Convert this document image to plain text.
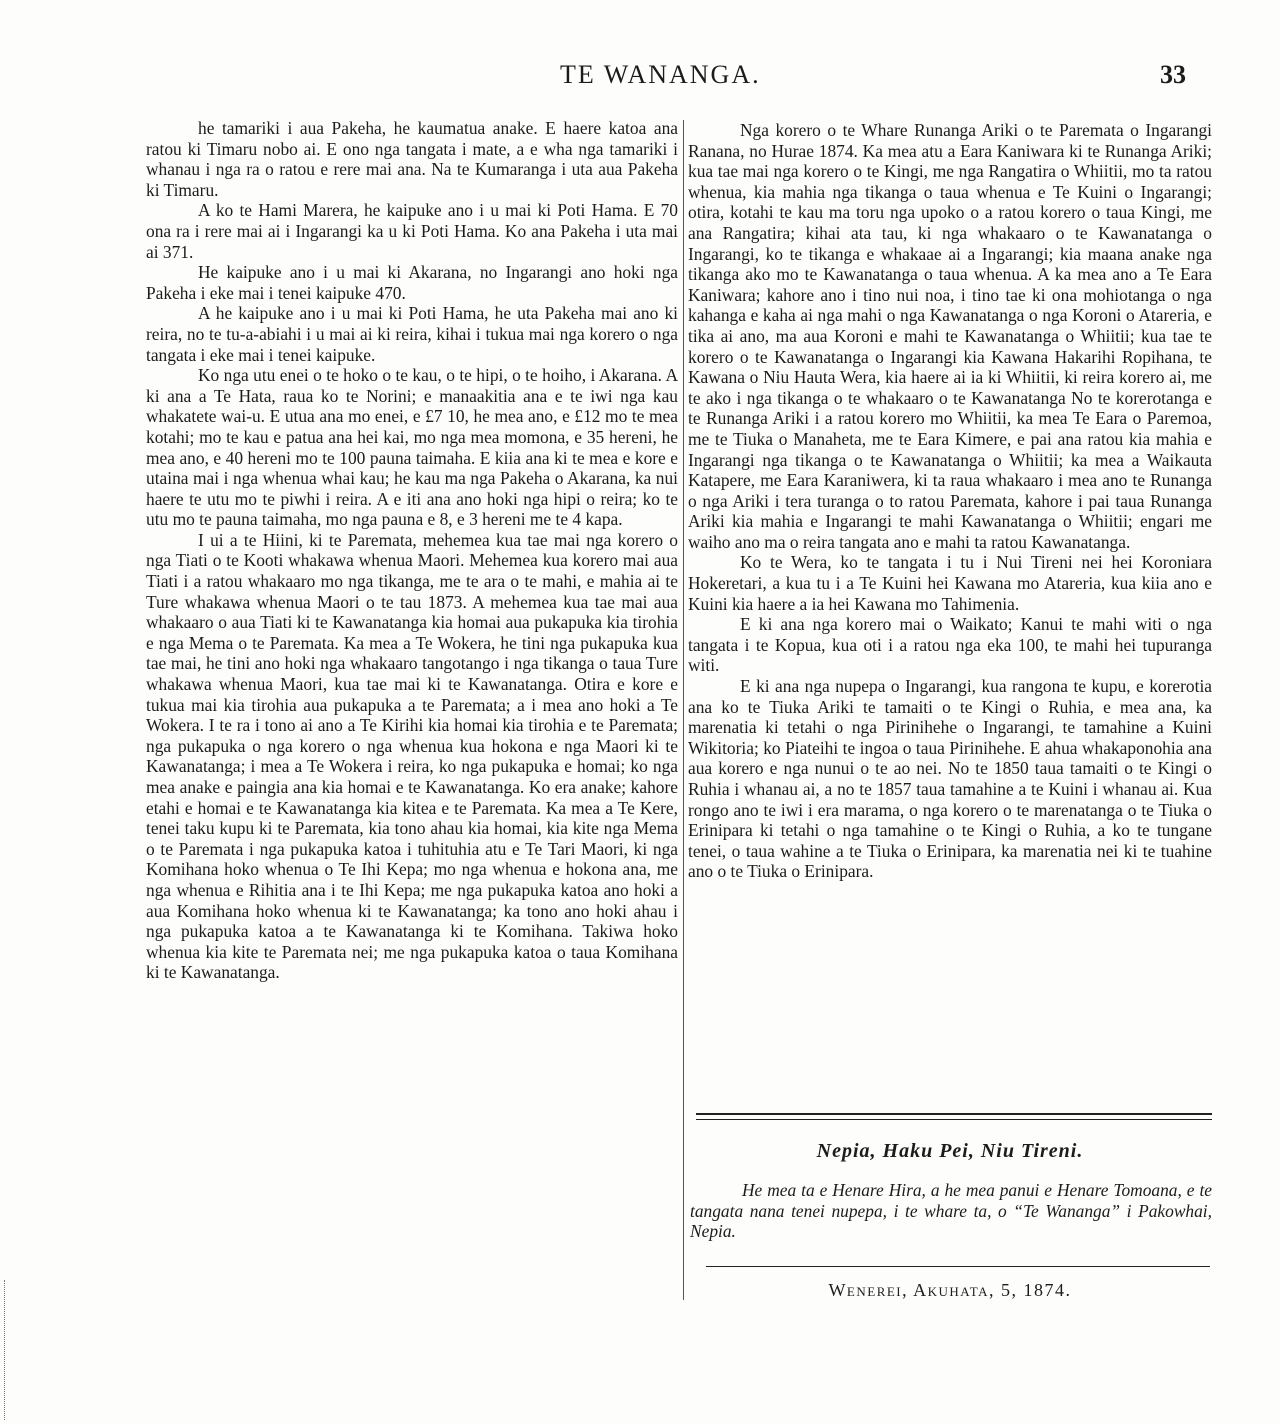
TE WANANGA.	33

he tamariki i aua Pakeha, he kaumatua anake. E haere katoa ana ratou ki Timaru nobo ai. E ono nga tangata i mate, a e wha nga tamariki i whanau i nga ra o ratou e rere mai ana. Na te Kumaranga i uta aua Pakeha ki Timaru.

A ko te Hami Marera, he kaipuke ano i u mai ki Poti Hama. E 70 ona ra i rere mai ai i Ingarangi ka u ki Poti Hama. Ko ana Pakeha i uta mai ai 371.

He kaipuke ano i u mai ki Akarana, no Ingarangi ano hoki nga Pakeha i eke mai i tenei kaipuke 470.

A he kaipuke ano i u mai ki Poti Hama, he uta Pakeha mai ano ki reira, no te tu-a-abiahi i u mai ai ki reira, kihai i tukua mai nga korero o nga tangata i eke mai i tenei kaipuke.

Ko nga utu enei o te hoko o te kau, o te hipi, o te hoiho, i Akarana. A ki ana a Te Hata, raua ko te Norini; e manaakitia ana e te iwi nga kau whakatete wai-u. E utua ana mo enei, e £7 10, he mea ano, e £12 mo te mea kotahi; mo te kau e patua ana hei kai, mo nga mea momona, e 35 hereni, he mea ano, e 40 hereni mo te 100 pauna taimaha. E kiia ana ki te mea e kore e utaina mai i nga whenua whai kau; he kau ma nga Pakeha o Akarana, ka nui haere te utu mo te piwhi i reira. A e iti ana ano hoki nga hipi o reira; ko te utu mo te pauna taimaha, mo nga pauna e 8, e 3 hereni me te 4 kapa.

I ui a te Hiini, ki te Paremata, mehemea kua tae mai nga korero o nga Tiati o te Kooti whakawa whenua Maori. Mehemea kua korero mai aua Tiati i a ratou whakaaro mo nga tikanga, me te ara o te mahi, e mahia ai te Ture whakawa whenua Maori o te tau 1873. A mehemea kua tae mai aua whakaaro o aua Tiati ki te Kawanatanga kia homai aua pukapuka kia tirohia e nga Mema o te Paremata. Ka mea a Te Wokera, he tini nga pukapuka kua tae mai, he tini ano hoki nga whakaaro tangotango i nga tikanga o taua Ture whakawa whenua Maori, kua tae mai ki te Kawanatanga. Otira e kore e tukua mai kia tirohia aua pukapuka a te Paremata; a i mea ano hoki a Te Wokera. I te ra i tono ai ano a Te Kirihi kia homai kia tirohia e te Paremata; nga pukapuka o nga korero o nga whenua kua hokona e nga Maori ki te Kawanatanga; i mea a Te Wokera i reira, ko nga pukapuka e homai; ko nga mea anake e paingia ana kia homai e te Kawanatanga. Ko era anake; kahore etahi e homai e te Kawanatanga kia kitea e te Paremata. Ka mea a Te Kere, tenei taku kupu ki te Paremata, kia tono ahau kia homai, kia kite nga Mema o te Paremata i nga pukapuka katoa i tuhituhia atu e Te Tari Maori, ki nga Komihana hoko whenua o Te Ihi Kepa; mo nga whenua e hokona ana, me nga whenua e Rihitia ana i te Ihi Kepa; me nga pukapuka katoa ano hoki a aua Komihana hoko whenua ki te Kawanatanga; ka tono ano hoki ahau i nga pukapuka katoa a te Kawanatanga ki te Komihana. Takiwa hoko whenua kia kite te Paremata nei; me nga pukapuka katoa o taua Komihana ki te Kawanatanga.

Nga korero o te Whare Runanga Ariki o te Paremata o Ingarangi Ranana, no Hurae 1874. Ka mea atu a Eara Kaniwara ki te Runanga Ariki; kua tae mai nga korero o te Kingi, me nga Rangatira o Whiitii, mo ta ratou whenua, kia mahia nga tikanga o taua whenua e Te Kuini o Ingarangi; otira, kotahi te kau ma toru nga upoko o a ratou korero o taua Kingi, me ana Rangatira; kihai ata tau, ki nga whakaaro o te Kawanatanga o Ingarangi, ko te tikanga e whakaae ai a Ingarangi; kia maana anake nga tikanga ako mo te Kawanatanga o taua whenua. A ka mea ano a Te Eara Kaniwara; kahore ano i tino nui noa, i tino tae ki ona mohiotanga o nga kahanga e kaha ai nga mahi o nga Kawanatanga o nga Koroni o Atareria, e tika ai ano, ma aua Koroni e mahi te Kawanatanga o Whiitii; kua tae te korero o te Kawanatanga o Ingarangi kia Kawana Hakarihi Ropihana, te Kawana o Niu Hauta Wera, kia haere ai ia ki Whiitii, ki reira korero ai, me te ako i nga tikanga o te whakaaro o te Kawanatanga No te korerotanga e te Runanga Ariki i a ratou korero mo Whiitii, ka mea Te Eara o Paremoa, me te Tiuka o Manaheta, me te Eara Kimere, e pai ana ratou kia mahia e Ingarangi nga tikanga o te Kawanatanga o Whiitii; ka mea a Waikauta Katapere, me Eara Karaniwera, ki ta raua whakaaro i mea ano te Runanga o nga Ariki i tera turanga o to ratou Paremata, kahore i pai taua Runanga Ariki kia mahia e Ingarangi te mahi Kawanatanga o Whiitii; engari me waiho ano ma o reira tangata ano e mahi ta ratou Kawanatanga.

Ko te Wera, ko te tangata i tu i Nui Tireni nei hei Koroniara Hokeretari, a kua tu i a Te Kuini hei Kawana mo Atareria, kua kiia ano e Kuini kia haere a ia hei Kawana mo Tahimenia.

E ki ana nga korero mai o Waikato; Kanui te mahi witi o nga tangata i te Kopua, kua oti i a ratou nga eka 100, te mahi hei tupuranga witi.

E ki ana nga nupepa o Ingarangi, kua rangona te kupu, e korerotia ana ko te Tiuka Ariki te tamaiti o te Kingi o Ruhia, e mea ana, ka marenatia ki tetahi o nga Pirinihehe o Ingarangi, te tamahine a Kuini Wikitoria; ko Piateihi te ingoa o taua Pirinihehe. E ahua whakaponohia ana aua korero e nga nunui o te ao nei. No te 1850 taua tamaiti o te Kingi o Ruhia i whanau ai, a no te 1857 taua tamahine a te Kuini i whanau ai. Kua rongo ano te iwi i era marama, o nga korero o te marenatanga o te Tiuka o Erinipara ki tetahi o nga tamahine o te Kingi o Ruhia, a ko te tungane tenei, o taua wahine a te Tiuka o Erinipara, ka marenatia nei ki te tuahine ano o te Tiuka o Erinipara.

Nepia, Haku Pei, Niu Tireni.

He mea ta e Henare Hira, a he mea panui e Henare Tomoana, e te tangata nana tenei nupepa, i te whare ta, o “Te Wananga” i Pakowhai, Nepia.

Wenerei, Akuhata, 5, 1874.
